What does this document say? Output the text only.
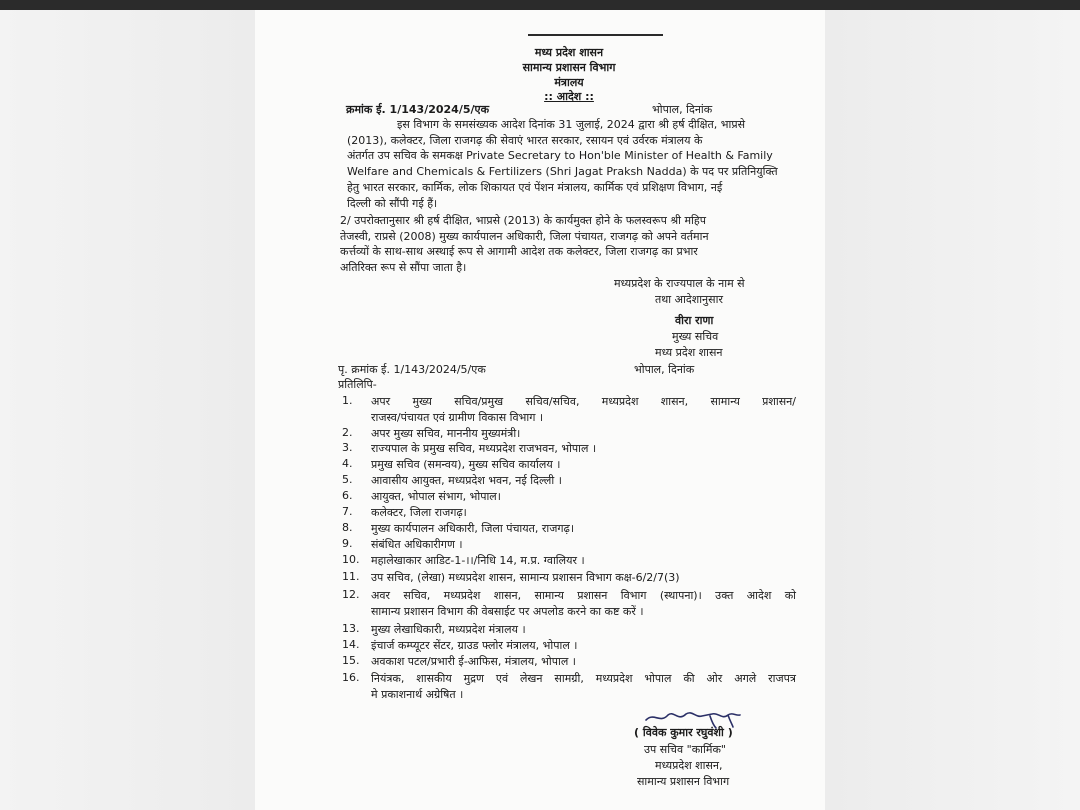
मध्य प्रदेश शासन
सामान्य प्रशासन विभाग
मंत्रालय
:: आदेश ::
क्रमांक ई. 1/143/2024/5/एक	भोपाल, दिनांक

इस विभाग के समसंख्यक आदेश दिनांक 31 जुलाई, 2024 द्वारा श्री हर्ष दीक्षित, भाप्रसे

(2013), कलेक्टर, जिला राजगढ़ की सेवाएं भारत सरकार, रसायन एवं उर्वरक मंत्रालय के

अंतर्गत उप सचिव के समकक्ष Private Secretary to Hon'ble Minister of Health & Family

Welfare and Chemicals & Fertilizers (Shri Jagat Praksh Nadda) के पद पर प्रतिनियुक्ति

हेतु भारत सरकार, कार्मिक, लोक शिकायत एवं पेंशन मंत्रालय, कार्मिक एवं प्रशिक्षण विभाग, नई

दिल्ली को सौंपी गई हैं।

2/ उपरोक्तानुसार श्री हर्ष दीक्षित, भाप्रसे (2013) के कार्यमुक्त होने के फलस्वरूप श्री महिप

तेजस्वी, राप्रसे (2008) मुख्य कार्यपालन अधिकारी, जिला पंचायत, राजगढ़ को अपने वर्तमान

कर्त्तव्यों के साथ-साथ अस्थाई रूप से आगामी आदेश तक कलेक्टर, जिला राजगढ़ का प्रभार

अतिरिक्त रूप से सौंपा जाता है।

मध्यप्रदेश के राज्यपाल के नाम से
तथा आदेशानुसार
वीरा राणा
मुख्य सचिव
मध्य प्रदेश शासन
पृ. क्रमांक ई. 1/143/2024/5/एक	भोपाल, दिनांक
प्रतिलिपि-
1.	अपर मुख्य सचिव/प्रमुख सचिव/सचिव, मध्यप्रदेश शासन, सामान्य प्रशासन/
राजस्व/पंचायत एवं ग्रामीण विकास विभाग ।
2.	अपर मुख्य सचिव, माननीय मुख्यमंत्री।
3.	राज्यपाल के प्रमुख सचिव, मध्यप्रदेश राजभवन, भोपाल ।
4.	प्रमुख सचिव (समन्वय), मुख्य सचिव कार्यालय ।
5.	आवासीय आयुक्त, मध्यप्रदेश भवन, नई दिल्ली ।
6.	आयुक्त, भोपाल संभाग, भोपाल।
7.	कलेक्टर, जिला राजगढ़।
8.	मुख्य कार्यपालन अधिकारी, जिला पंचायत, राजगढ़।
9.	संबंधित अधिकारीगण ।
10.	महालेखाकार आडिट-1-।।/निधि 14, म.प्र. ग्वालियर ।
11.	उप सचिव, (लेखा) मध्यप्रदेश शासन, सामान्य प्रशासन विभाग कक्ष-6/2/7(3)
12.	अवर सचिव, मध्यप्रदेश शासन, सामान्य प्रशासन विभाग (स्थापना)। उक्त आदेश को
सामान्य प्रशासन विभाग की वेबसाईट पर अपलोड करने का कष्ट करें ।
13.	मुख्य लेखाधिकारी, मध्यप्रदेश मंत्रालय ।
14.	इंचार्ज कम्प्यूटर सेंटर, ग्राउड फ्लोर मंत्रालय, भोपाल ।
15.	अवकाश पटल/प्रभारी ई-आफिस, मंत्रालय, भोपाल ।
16.	नियंत्रक, शासकीय मुद्रण एवं लेखन सामग्री, मध्यप्रदेश भोपाल की ओर अगले राजपत्र
मे प्रकाशनार्थ अग्रेषित ।
( विवेक कुमार रघुवंशी )
उप सचिव "कार्मिक"
मध्यप्रदेश शासन,
सामान्य प्रशासन विभाग
